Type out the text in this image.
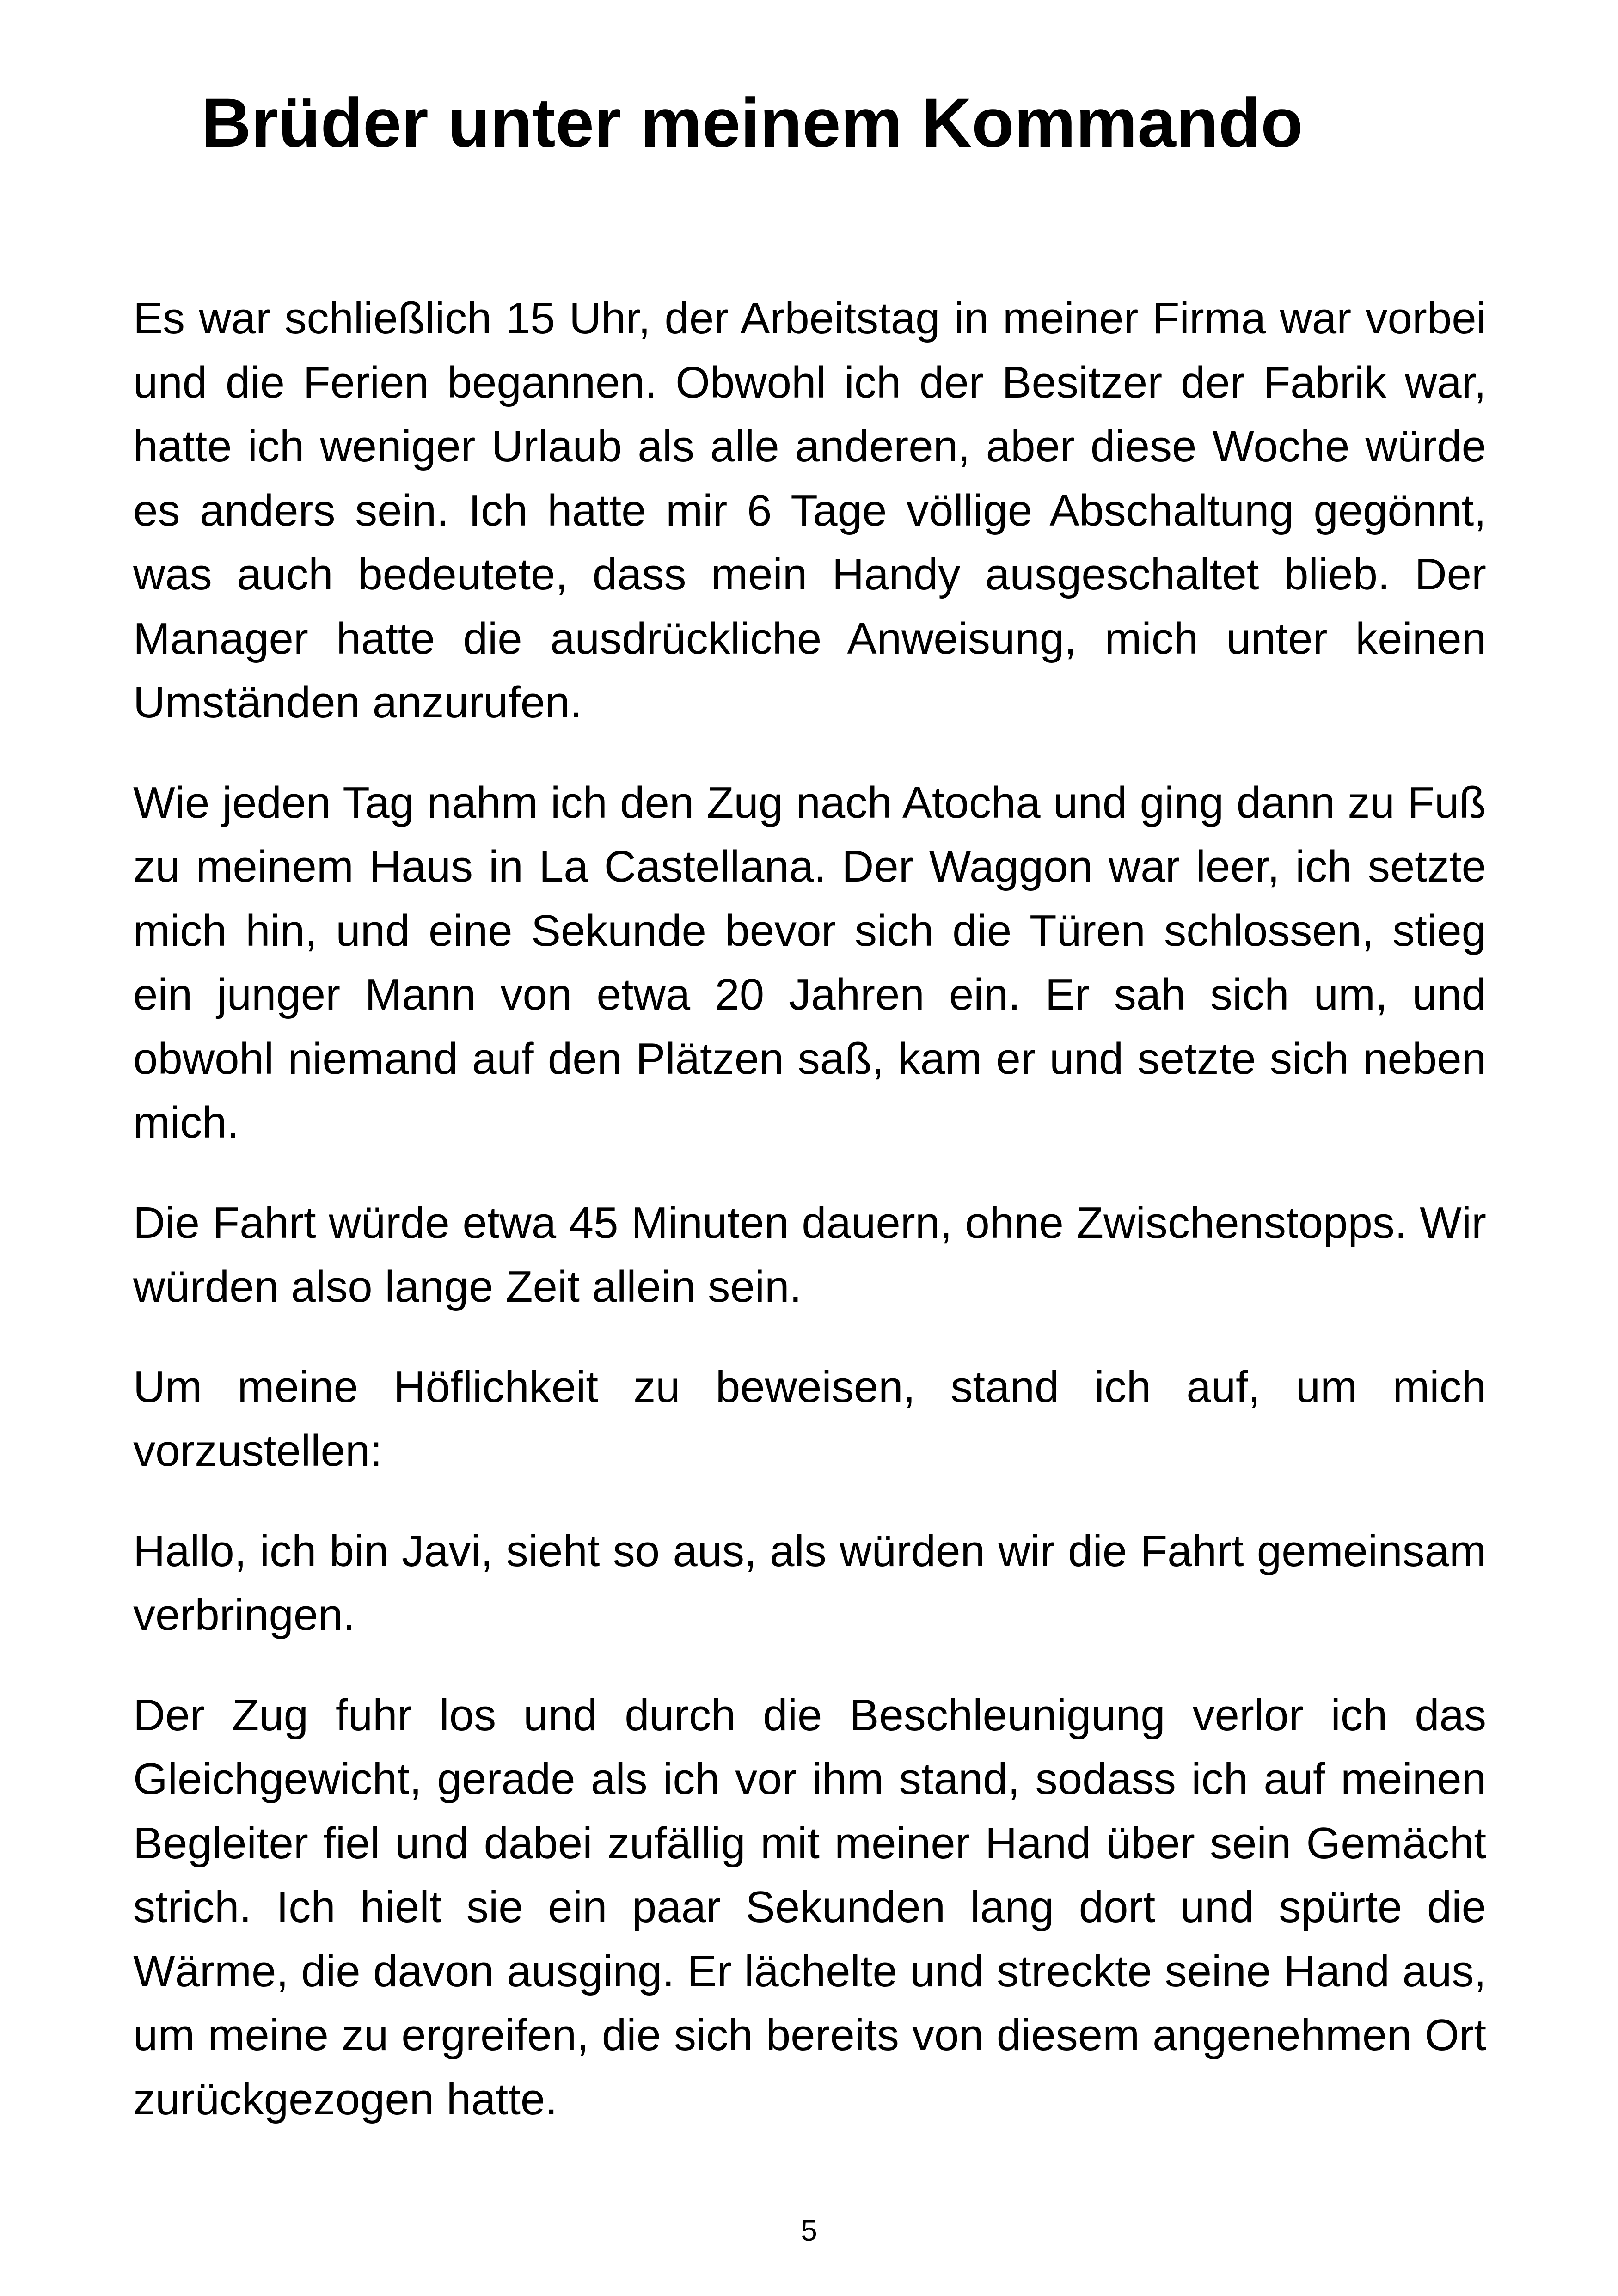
Brüder unter meinem Kommando

Es war schließlich 15 Uhr, der Arbeitstag in meiner Firma war vorbei und die Ferien begannen. Obwohl ich der Besitzer der Fabrik war, hatte ich weniger Urlaub als alle anderen, aber diese Woche würde es anders sein. Ich hatte mir 6 Tage völlige Abschaltung gegönnt, was auch bedeutete, dass mein Handy ausgeschaltet blieb. Der Manager hatte die ausdrückliche Anweisung, mich unter keinen Umständen anzurufen.

Wie jeden Tag nahm ich den Zug nach Atocha und ging dann zu Fuß zu meinem Haus in La Castellana. Der Waggon war leer, ich setzte mich hin, und eine Sekunde bevor sich die Türen schlossen, stieg ein junger Mann von etwa 20 Jahren ein. Er sah sich um, und obwohl niemand auf den Plätzen saß, kam er und setzte sich neben mich.

Die Fahrt würde etwa 45 Minuten dauern, ohne Zwischenstopps. Wir würden also lange Zeit allein sein.

Um meine Höflichkeit zu beweisen, stand ich auf, um mich vorzustellen:

Hallo, ich bin Javi, sieht so aus, als würden wir die Fahrt gemeinsam verbringen.

Der Zug fuhr los und durch die Beschleunigung verlor ich das Gleichgewicht, gerade als ich vor ihm stand, sodass ich auf meinen Begleiter fiel und dabei zufällig mit meiner Hand über sein Gemächt strich. Ich hielt sie ein paar Sekunden lang dort und spürte die Wärme, die davon ausging. Er lächelte und streckte seine Hand aus, um meine zu ergreifen, die sich bereits von diesem angenehmen Ort zurückgezogen hatte.

5
